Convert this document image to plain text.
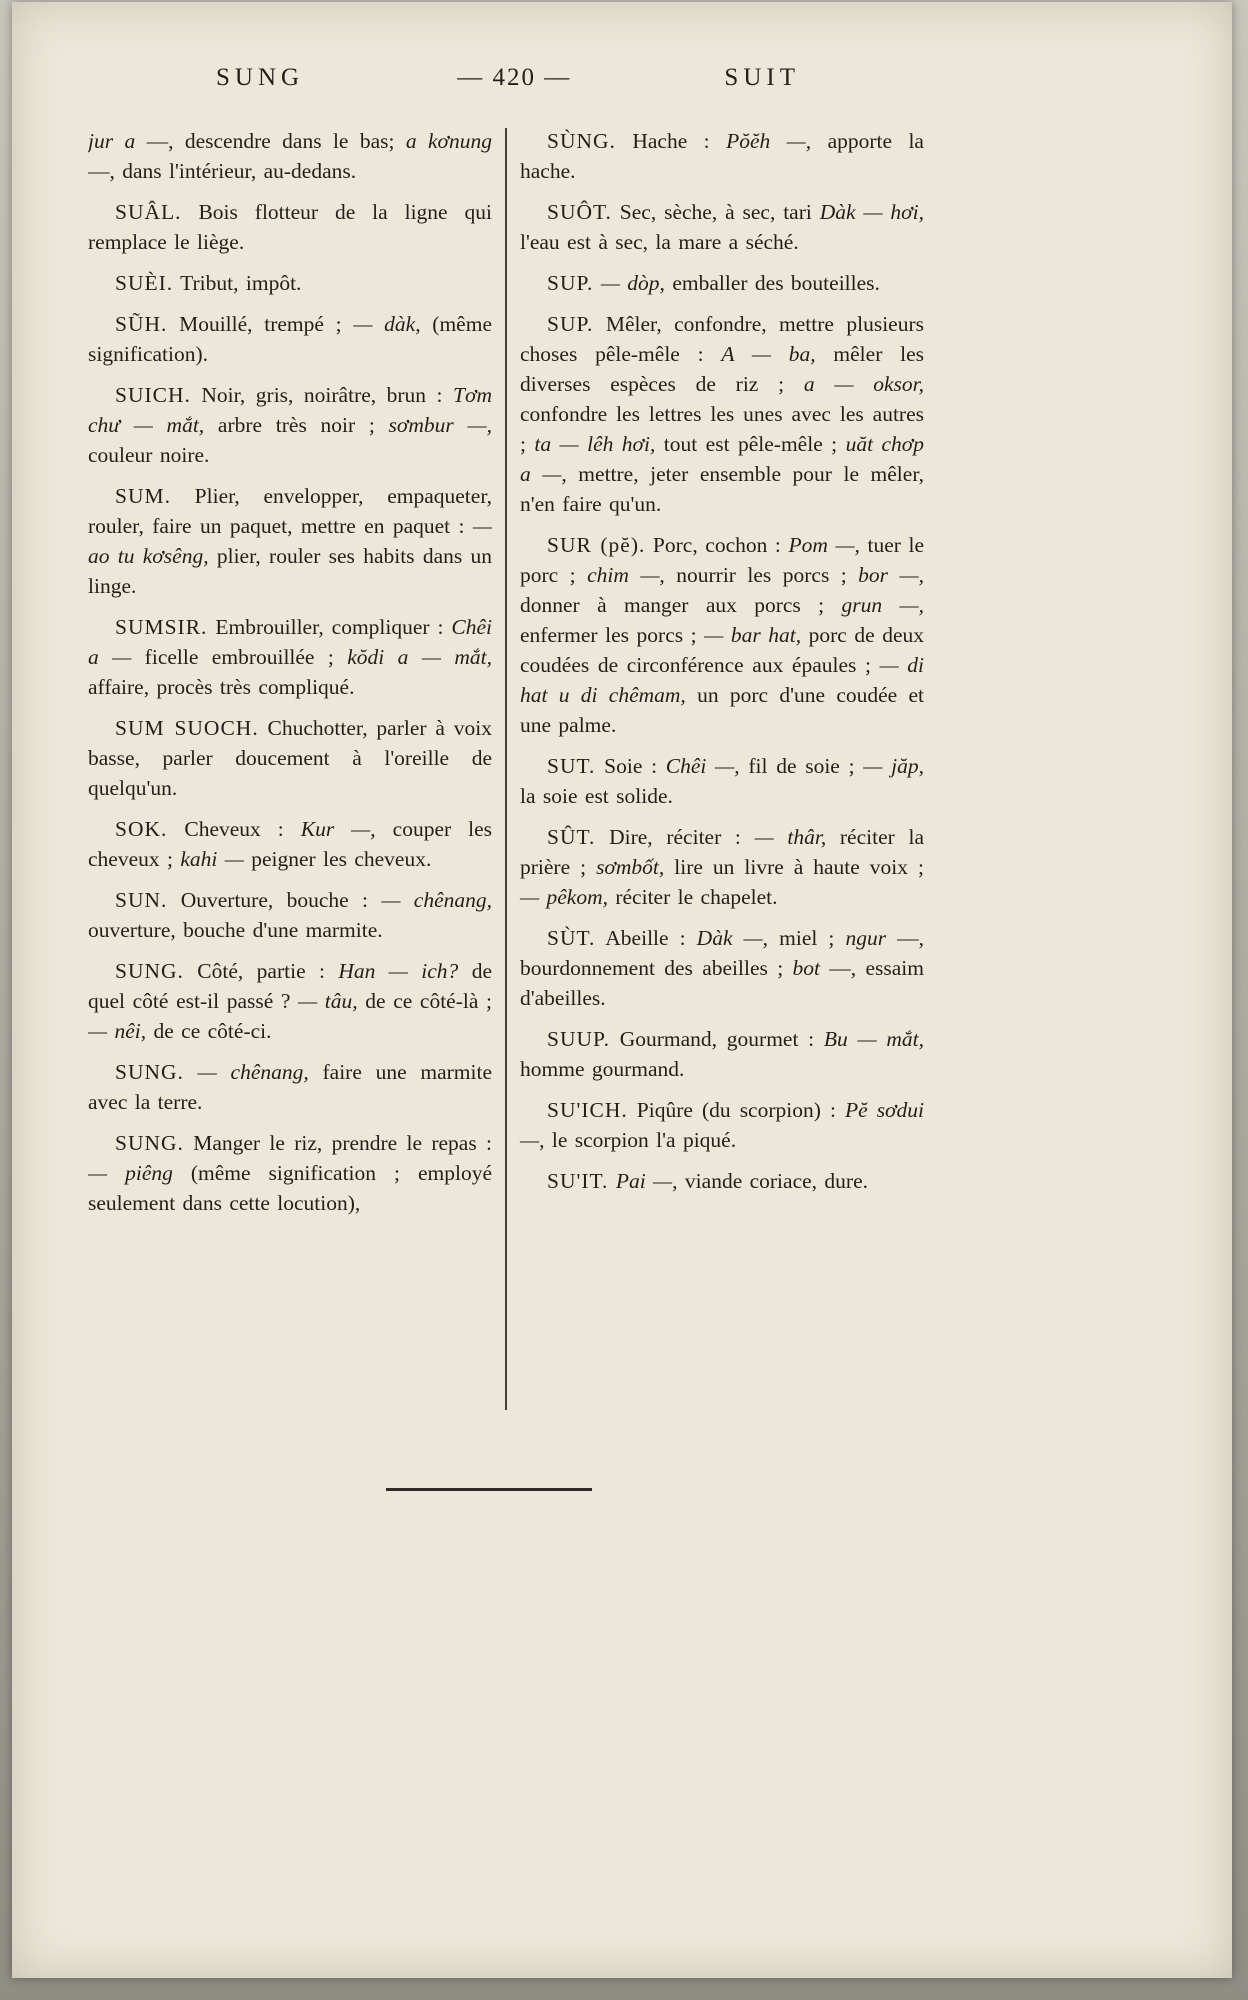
SUNG	— 420 —	SUIT

jur a —, descendre dans le bas; a kơnung —, dans l'intérieur, au-dedans.

SUÂL. Bois flotteur de la ligne qui remplace le liège.

SUÈI. Tribut, impôt.

SŨH. Mouillé, trempé ; — dàk, (même signification).

SUICH. Noir, gris, noirâtre, brun : Tơm chư — mắt, arbre très noir ; sơmbur —, couleur noire.

SUM. Plier, envelopper, empaqueter, rouler, faire un paquet, mettre en paquet : — ao tu kơsêng, plier, rouler ses habits dans un linge.

SUMSIR. Embrouiller, compliquer : Chêi a — ficelle embrouillée ; kŏdi a — mắt, affaire, procès très compliqué.

SUM SUOCH. Chuchotter, parler à voix basse, parler doucement à l'oreille de quelqu'un.

SOK. Cheveux : Kur —, couper les cheveux ; kahi — peigner les cheveux.

SUN. Ouverture, bouche : — chênang, ouverture, bouche d'une marmite.

SUNG. Côté, partie : Han — ich? de quel côté est-il passé ? — tâu, de ce côté-là ; — nêi, de ce côté-ci.

SUNG. — chênang, faire une marmite avec la terre.

SUNG. Manger le riz, prendre le repas : — piêng (même signification ; employé seulement dans cette locution),

SÙNG. Hache : Pŏĕh —, apporte la hache.

SUÔT. Sec, sèche, à sec, tari Dàk — hơi, l'eau est à sec, la mare a séché.

SUP. — dòp, emballer des bouteilles.

SUP. Mêler, confondre, mettre plusieurs choses pêle-mêle : A — ba, mêler les diverses espèces de riz ; a — oksor, confondre les lettres les unes avec les autres ; ta — lêh hơi, tout est pêle-mêle ; uăt chơp a —, mettre, jeter ensemble pour le mêler, n'en faire qu'un.

SUR (pĕ). Porc, cochon : Pom —, tuer le porc ; chim —, nourrir les porcs ; bor —, donner à manger aux porcs ; grun —, enfermer les porcs ; — bar hat, porc de deux coudées de circonférence aux épaules ; — di hat u di chêmam, un porc d'une coudée et une palme.

SUT. Soie : Chêi —, fil de soie ; — jăp, la soie est solide.

SÛT. Dire, réciter : — thâr, réciter la prière ; sơmbốt, lire un livre à haute voix ; — pêkom, réciter le chapelet.

SÙT. Abeille : Dàk —, miel ; ngur —, bourdonnement des abeilles ; bot —, essaim d'abeilles.

SUUP. Gourmand, gourmet : Bu — mắt, homme gourmand.

SU'ICH. Piqûre (du scorpion) : Pĕ sơdui —, le scorpion l'a piqué.

SU'IT. Pai —, viande coriace, dure.
